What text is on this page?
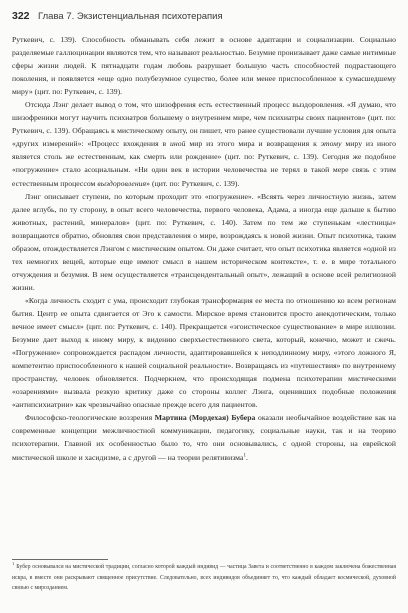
322 Глава 7. Экзистенциальная психотерапия

Руткевич, с. 139). Способность обманывать себя лежит в основе адаптации и социализации. Социально разделяемые галлюцинации являются тем, что называют реальностью. Безумие пронизывает даже самые интимные сферы жизни людей. К пятнадцати годам любовь разрушает большую часть способностей подрастающего поколения, и появляется «еще одно полубезумное существо, более или менее приспособленное к сумасшедшему миру» (цит. по: Руткевич, с. 139).

Отсюда Лэнг делает вывод о том, что шизофрения есть естественный процесс выздоровления. «Я думаю, что шизофреники могут научить психиатров большему о внутреннем мире, чем психиатры своих пациентов» (цит. по: Руткевич, с. 139). Обращаясь к мистическому опыту, он пишет, что ранее существовали лучшие условия для опыта «других измерений»: «Процесс вхождения в иной мир из этого мира и возвращения к этому миру из иного является столь же естественным, как смерть или рождение» (цит. по: Руткевич, с. 139). Сегодня же подобное «погружение» стало асоциальным. «Ни один век в истории человечества не терял в такой мере связь с этим естественным процессом выздоровления» (цит. по: Руткевич, с. 139).

Лэнг описывает ступени, по которым проходит это «погружение». «Всяять через личностную жизнь, затем далее вглубь, по ту сторону, в опыт всего человечества, первого человека, Адама, а иногда еще дальше к бытию животных, растений, минералов» (цит. по: Руткевич, с. 140). Затем по тем же ступенькам «лестницы» возвращаются обратно, обновляя свои представления о мире, возрождаясь к новой жизни. Опыт психотика, таким образом, отождествляется Лэнгом с мистическим опытом. Он даже считает, что опыт психотика является «одной из тех немногих вещей, которые еще имеют смысл в нашем историческом контексте», т. е. в мире тотального отчуждения и безумия. В нем осуществляется «трансцендентальный опыт», лежащий в основе всей религиозной жизни.

«Когда личность сходит с ума, происходит глубокая трансформация ее места по отношению ко всем регионам бытия. Центр ее опыта сдвигается от Эго к самости. Мирское время становится просто анекдотическим, только вечное имеет смысл» (цит. по: Руткевич, с. 140). Прекращается «эгоистическое существование» в мире иллюзии. Безумие дает выход к иному миру, к видению сверхъестественного света, который, конечно, может и сжечь. «Погружение» сопровождается распадом личности, адаптировавшейся к неподлинному миру, «этого ложного Я, компетентно приспособленного к нашей социальной реальности». Возвращаясь из «путешествия» по внутреннему пространству, человек обновляется. Подчеркнем, что происходящая подмена психотерапии мистическими «озарениями» вызвала резкую критику даже со стороны коллег Лэнга, оценивших подобные положения «антипсихиатрии» как чрезвычайно опасные прежде всего для пациентов.

Философско-теологические воззрения Мартина (Мордехая) Бубера оказали необычайное воздействие как на современные концепции межличностной коммуникации, педагогику, социальные науки, так и на теорию психотерапии. Главной их особенностью было то, что они основывались, с одной стороны, на еврейской мистической школе и хасидизме, а с другой — на теории релятивизма$^1$.

$^1$Бубер основывался на мистической традиции, согласно которой каждый индивид — частица Завета и соответственно в каждом заключена божественная искра, в вместе они раскрывают священное присутствие. Следовательно, всех индивидов объединяет то, что каждый обладает космической, духовной связью с мирозданием.
